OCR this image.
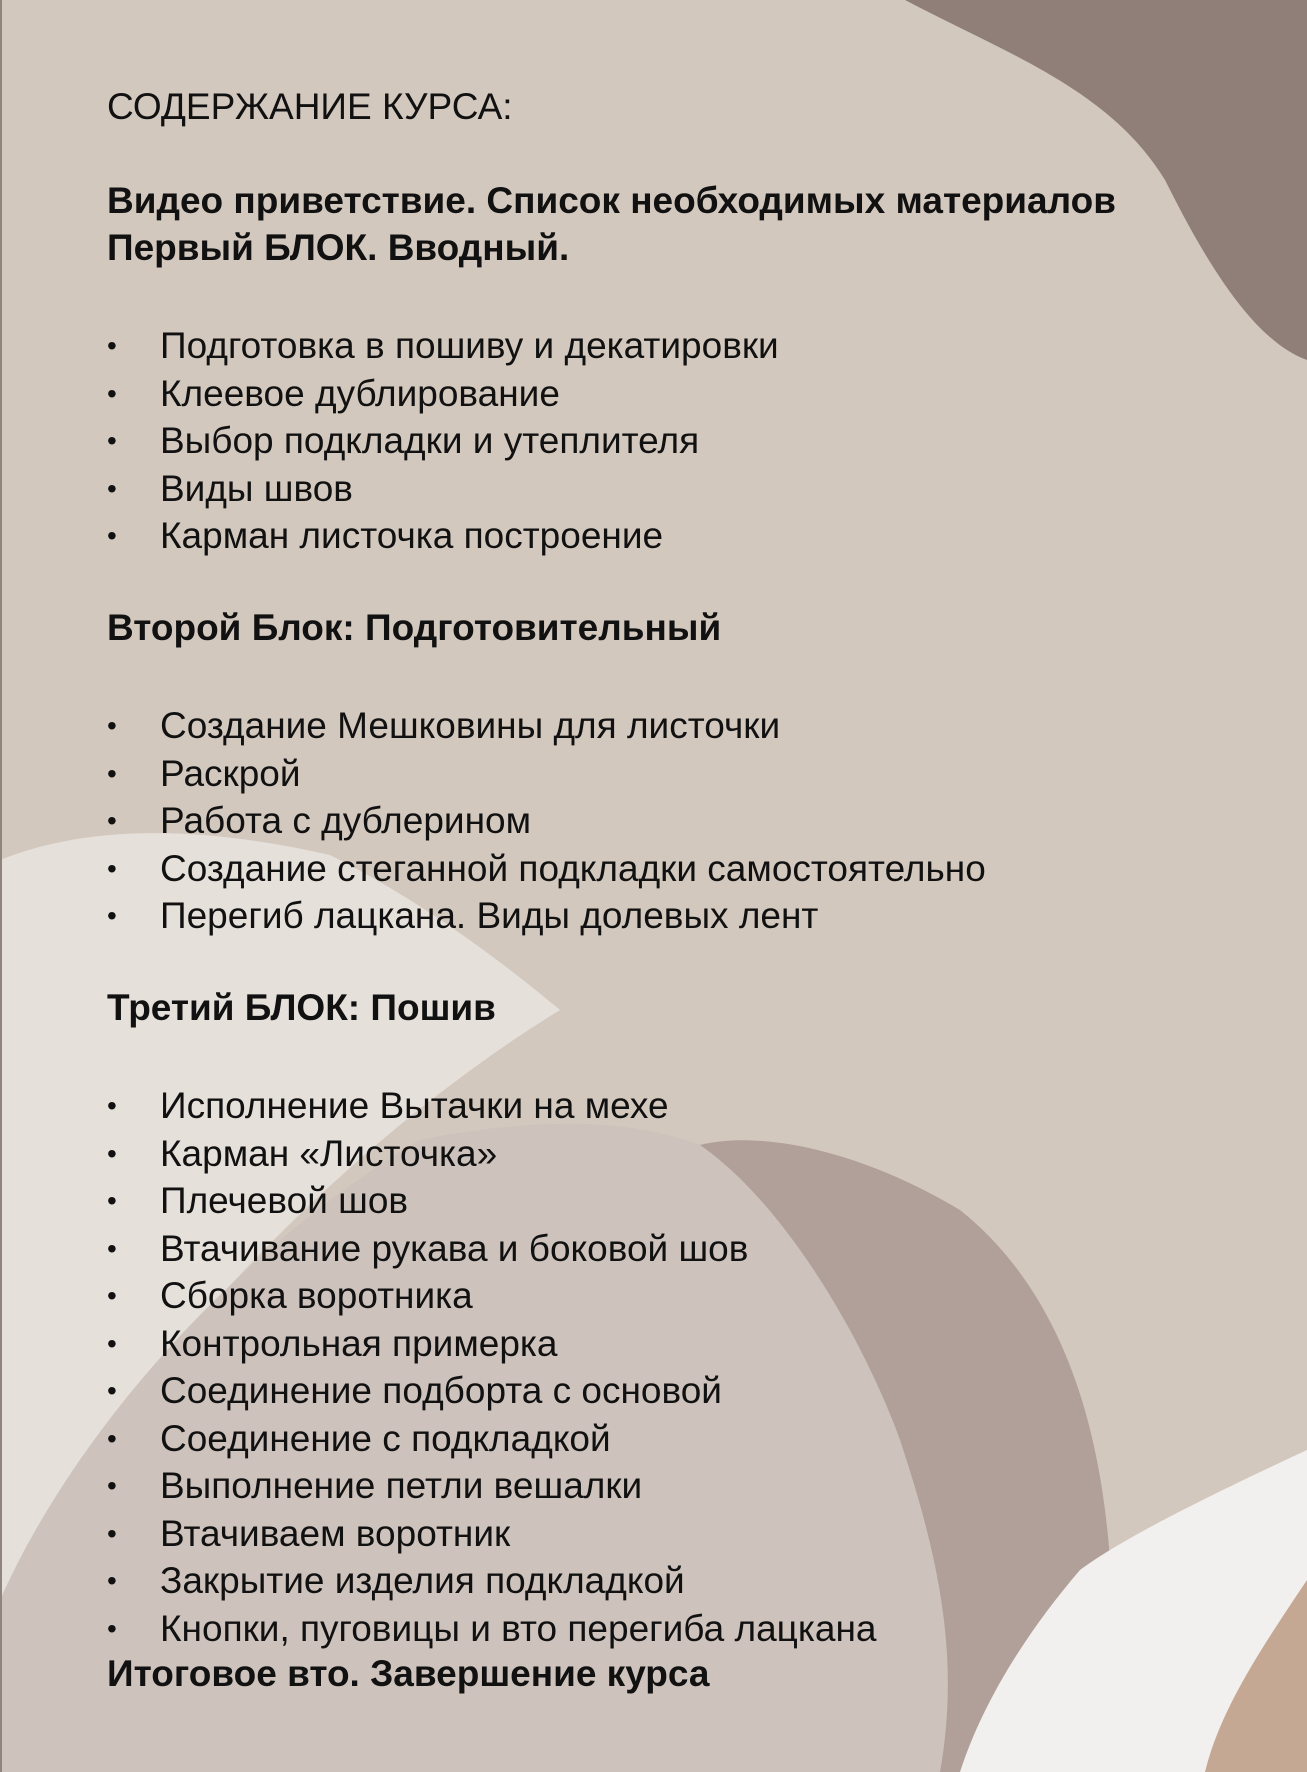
СОДЕРЖАНИЕ КУРСА:
Видео приветствие. Список необходимых материалов
Первый БЛОК. Вводный.
• Подготовка в пошиву и декатировки
• Клеевое дублирование
• Выбор подкладки и утеплителя
• Виды швов
• Карман листочка построение
Второй Блок: Подготовительный
• Создание Мешковины для листочки
• Раскрой
• Работа с дублерином
• Создание стеганной подкладки самостоятельно
• Перегиб лацкана. Виды долевых лент
Третий БЛОК: Пошив
• Исполнение Вытачки на мехе
• Карман «Листочка»
• Плечевой шов
• Втачивание рукава и боковой шов
• Сборка воротника
• Контрольная примерка
• Соединение подборта с основой
• Соединение с подкладкой
• Выполнение петли вешалки
• Втачиваем воротник
• Закрытие изделия подкладкой
• Кнопки, пуговицы и вто перегиба лацкана
Итоговое вто. Завершение курса
